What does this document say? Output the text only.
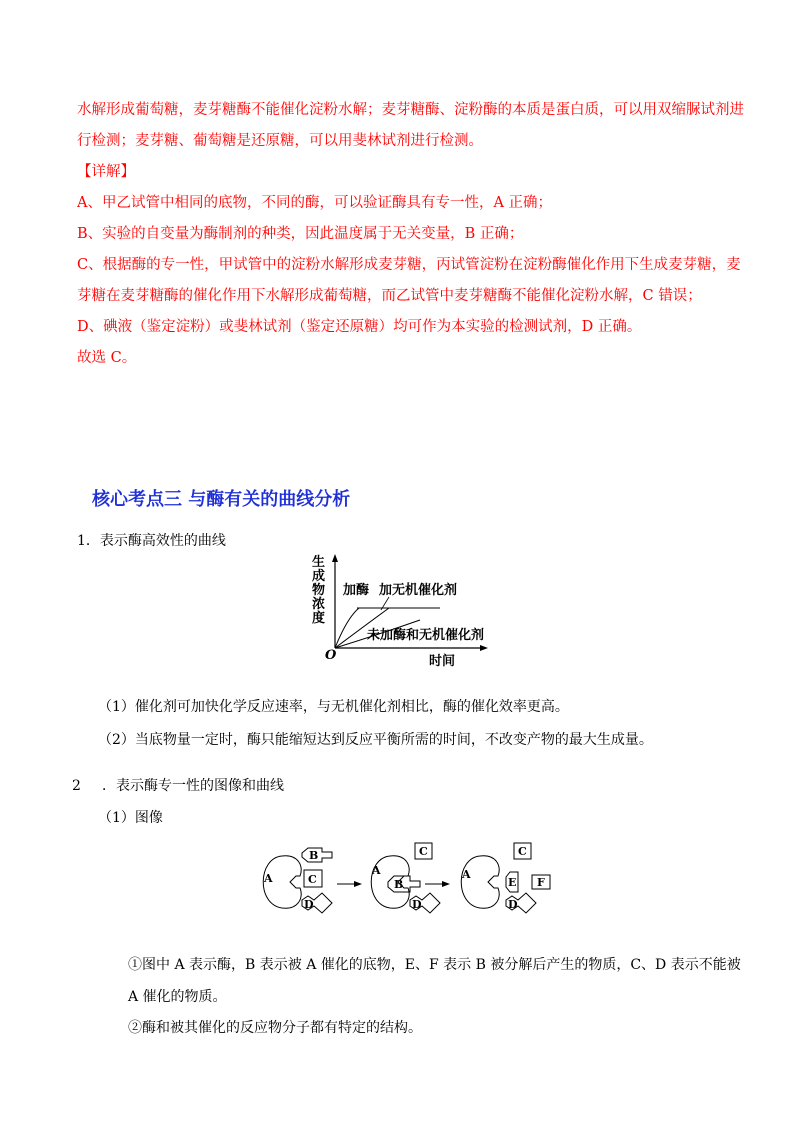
水解形成葡萄糖，麦芽糖酶不能催化淀粉水解；麦芽糖酶、淀粉酶的本质是蛋白质，可以用双缩脲试剂进
行检测；麦芽糖、葡萄糖是还原糖，可以用斐林试剂进行检测。
【详解】
A、甲乙试管中相同的底物，不同的酶，可以验证酶具有专一性，A 正确；
B、实验的自变量为酶制剂的种类，因此温度属于无关变量，B 正确；
C、根据酶的专一性，甲试管中的淀粉水解形成麦芽糖，丙试管淀粉在淀粉酶催化作用下生成麦芽糖，麦
芽糖在麦芽糖酶的催化作用下水解形成葡萄糖，而乙试管中麦芽糖酶不能催化淀粉水解，C 错误；
D、碘液（鉴定淀粉）或斐林试剂（鉴定还原糖）均可作为本实验的检测试剂，D 正确。
故选 C。
核心考点三 与酶有关的曲线分析
1．表示酶高效性的曲线
生
成
物
浓
度
O	时间
加酶 加无机催化剂
未加酶和无机催化剂
（1）催化剂可加快化学反应速率，与无机催化剂相比，酶的催化效率更高。
（2）当底物量一定时，酶只能缩短达到反应平衡所需的时间，不改变产物的最大生成量。
2 ．表示酶专一性的图像和曲线
（1）图像
A
B
C
D
A
B
C
D
A
C
E F
D
①图中 A 表示酶，B 表示被 A 催化的底物，E、F 表示 B 被分解后产生的物质，C、D 表示不能被
A 催化的物质。
②酶和被其催化的反应物分子都有特定的结构。
